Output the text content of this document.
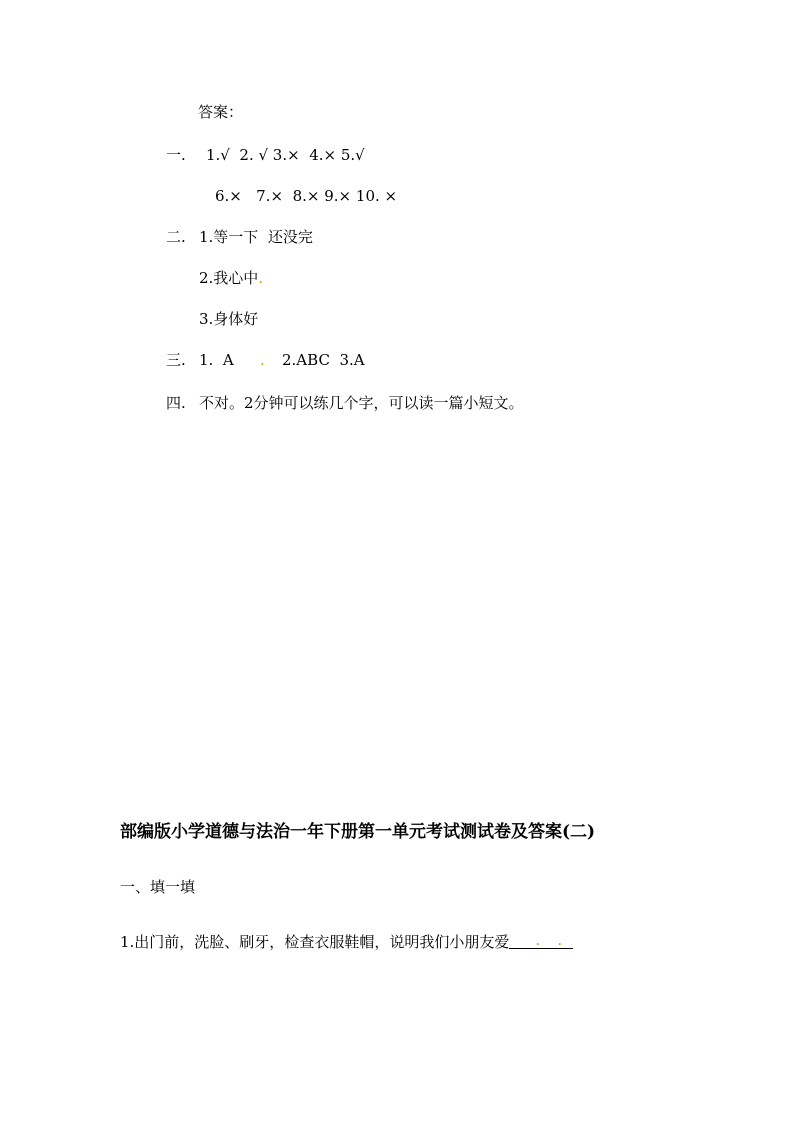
答案：
一. 1.√  2. √ 3.×  4.× 5.√
6.×   7.×  8.× 9.× 10. ×
二. 1.等一下  还没完
2.我心中.
3.身体好
三. 1.  A . 2.ABC  3.A
四. 不对。2分钟可以练几个字，可以读一篇小短文。
部编版小学道德与法治一年下册第一单元考试测试卷及答案(二)
一、填一填
1.出门前，洗脸、刷牙，检查衣服鞋帽，说明我们小朋友爱 . .
